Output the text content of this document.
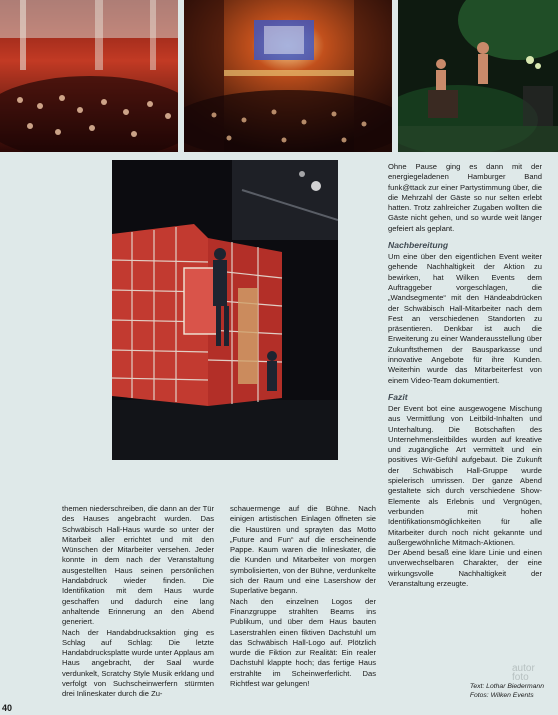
themen niederschreiben, die dann an der Tür des Hauses angebracht wurden. Das Schwäbisch Hall-Haus wurde so unter der Mitarbeit aller errichtet und mit den Wünschen der Mitarbeiter versehen. Jeder konnte in dem nach der Veranstaltung ausgestellten Haus seinen persönlichen Handabdruck wieder finden. Die Identifikation mit dem Haus wurde geschaffen und dadurch eine lang anhaltende Erinnerung an den Abend generiert.

Nach der Handabdrucksaktion ging es Schlag auf Schlag: Die letzte Handabdrucksplatte wurde unter Applaus am Haus angebracht, der Saal wurde verdunkelt, Scratchy Style Musik erklang und verfolgt von Suchscheinwerfern stürmten drei Inlineskater durch die Zu-

schauermenge auf die Bühne. Nach einigen artistischen Einlagen öffneten sie die Haustüren und sprayten das Motto „Future and Fun“ auf die erscheinende Pappe. Kaum waren die Inlineskater, die die Kunden und Mitarbeiter von morgen symbolisierten, von der Bühne, verdunkelte sich der Raum und eine Lasershow der Superlative begann.

Nach den einzelnen Logos der Finanzgruppe strahlten Beams ins Publikum, und über dem Haus bauten Laserstrahlen einen fiktiven Dachstuhl um das Schwäbisch Hall-Logo auf. Plötzlich wurde die Fiktion zur Realität: Ein realer Dachstuhl klappte hoch; das fertige Haus erstrahlte im Scheinwerferlicht. Das Richtfest war gelungen!

Ohne Pause ging es dann mit der energiegeladenen Hamburger Band funk@ttack zur einer Partystimmung über, die die Mehrzahl der Gäste so nur selten erlebt hatten. Trotz zahlreicher Zugaben wollten die Gäste nicht gehen, und so wurde weit länger gefeiert als geplant.

Nachbereitung

Um eine über den eigentlichen Event weiter gehende Nachhaltigkeit der Aktion zu bewirken, hat Wilken Events dem Auftraggeber vorgeschlagen, die „Wandsegmente“ mit den Händeabdrücken der Schwäbisch Hall-Mitarbeiter nach dem Fest an verschiedenen Standorten zu präsentieren. Denkbar ist auch die Erweiterung zu einer Wanderausstellung über Zukunftsthemen der Bausparkasse und innovative Angebote für ihre Kunden. Weiterhin wurde das Mitarbeiterfest von einem Video-Team dokumentiert.

Fazit

Der Event bot eine ausgewogene Mischung aus Vermittlung von Leitbild-Inhalten und Unterhaltung. Die Botschaften des Unternehmensleitbildes wurden auf kreative und zugängliche Art vermittelt und ein positives Wir-Gefühl aufgebaut. Die Zukunft der Schwäbisch Hall-Gruppe wurde spielerisch umrissen. Der ganze Abend gestaltete sich durch verschiedene Show-Elemente als Erlebnis und Vergnügen, verbunden mit hohen Identifikationsmöglichkeiten für alle Mitarbeiter durch noch nicht gekannte und außergewöhnliche Mitmach-Aktionen.

Der Abend besaß eine klare Linie und einen unverwechselbaren Charakter, der eine wirkungsvolle Nachhaltigkeit der Veranstaltung erzeugte.

autor foto
Text: Lothar Biedermann
Fotos: Wilken Events
40
